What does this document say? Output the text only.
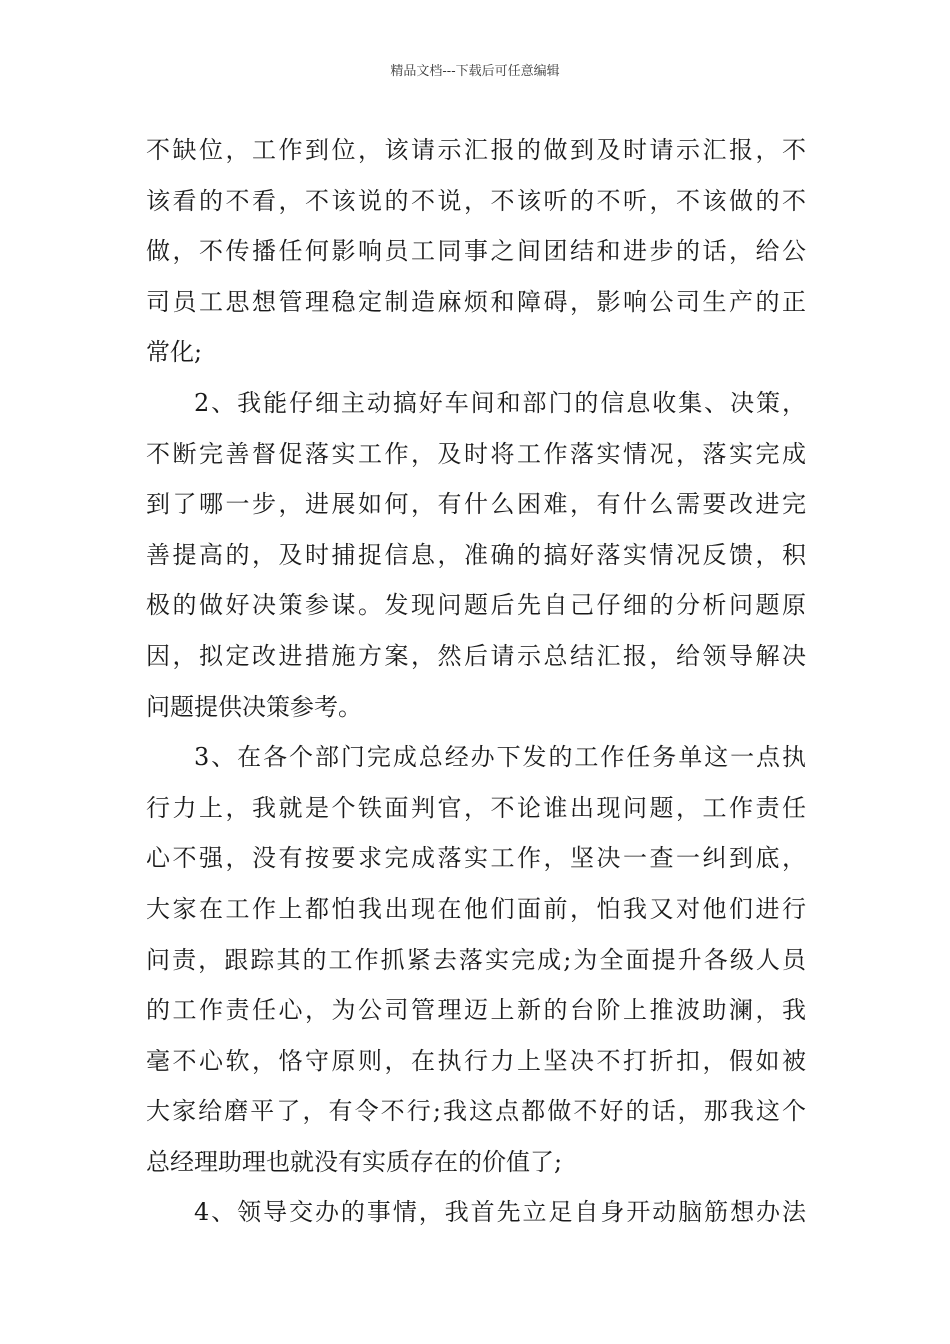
精品文档---下载后可任意编辑
不缺位，工作到位，该请示汇报的做到及时请示汇报，不
该看的不看，不该说的不说，不该听的不听，不该做的不
做，不传播任何影响员工同事之间团结和进步的话，给公
司员工思想管理稳定制造麻烦和障碍，影响公司生产的正
常化;
2、我能仔细主动搞好车间和部门的信息收集、决策，
不断完善督促落实工作，及时将工作落实情况，落实完成
到了哪一步，进展如何，有什么困难，有什么需要改进完
善提高的，及时捕捉信息，准确的搞好落实情况反馈，积
极的做好决策参谋。发现问题后先自己仔细的分析问题原
因，拟定改进措施方案，然后请示总结汇报，给领导解决
问题提供决策参考。
3、在各个部门完成总经办下发的工作任务单这一点执
行力上，我就是个铁面判官，不论谁出现问题，工作责任
心不强，没有按要求完成落实工作，坚决一查一纠到底，
大家在工作上都怕我出现在他们面前，怕我又对他们进行
问责，跟踪其的工作抓紧去落实完成;为全面提升各级人员
的工作责任心，为公司管理迈上新的台阶上推波助澜，我
毫不心软，恪守原则，在执行力上坚决不打折扣，假如被
大家给磨平了，有令不行;我这点都做不好的话，那我这个
总经理助理也就没有实质存在的价值了;
4、领导交办的事情，我首先立足自身开动脑筋想办法
